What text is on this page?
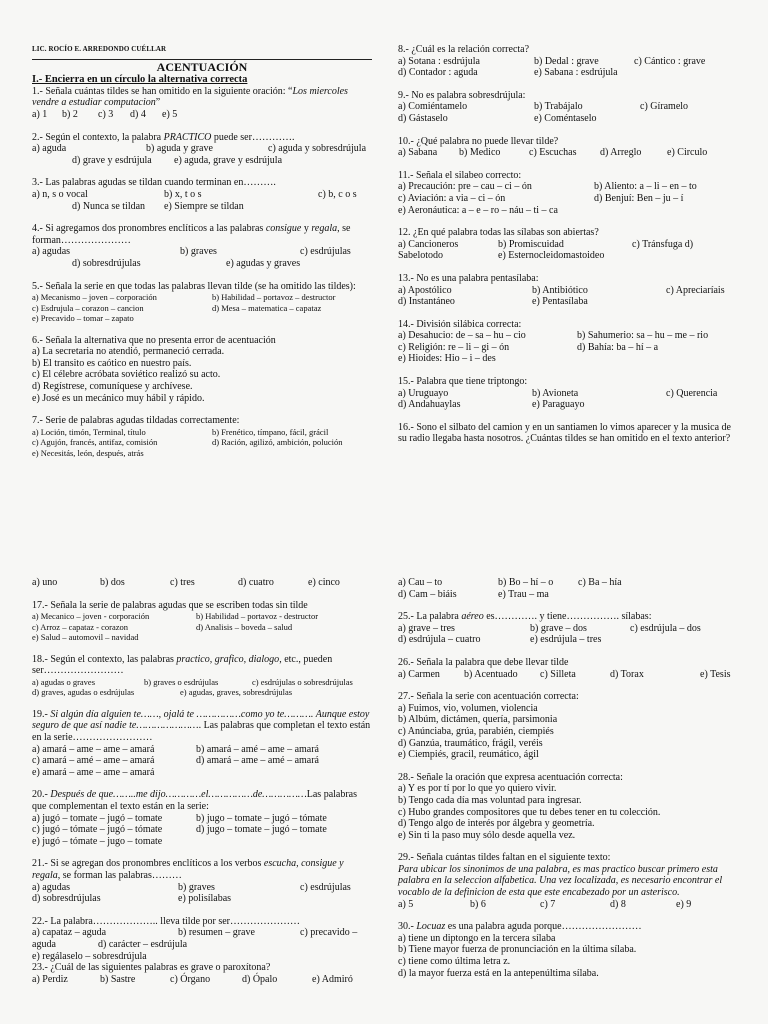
LIC. ROCÍO E. ARREDONDO CUÉLLAR
ACENTUACIÓN
I.- Encierra en un círculo la alternativa correcta

1.- Señala cuántas tildes se han omitido en la siguiente oración: “Los miercoles vendre a estudiar computacion”

a) 1	b) 2	c) 3	d) 4	e) 5

2.- Según el contexto, la palabra PRACTICO puede ser………….

a) aguda	b) aguda y grave	c) aguda y sobresdrújula
d) grave y esdrújula	e) aguda, grave y esdrújula

3.- Las palabras agudas se tildan cuando terminan en……….

a) n, s o vocal	b) x, t o s	c) b, c o s
d) Nunca se tildan	e) Siempre se tildan

4.- Si agregamos dos pronombres enclíticos a las palabras consigue y regala, se forman…………………

a) agudas	b) graves	c) esdrújulas
d) sobresdrújulas	e) agudas y graves

5.- Señala la serie en que todas las palabras llevan tilde (se ha omitido las tildes):

a) Mecanismo – joven – corporación	b) Habilidad – portavoz – destructor
c) Esdrujula – corazon – cancion	d) Mesa – matematica – capataz
e) Precavido – tomar – zapato

6.- Señala la alternativa que no presenta error de acentuación

a) La secretaria no atendió, permaneció cerrada.
b) El transito es caótico en nuestro país.
c) El célebre acróbata soviético realizó su acto.
d) Regístrese, comuníquese y archívese.
e) José es un mecánico muy hábil y rápido.

7.- Serie de palabras agudas tildadas correctamente:

a) Loción, timón, Terminal, título	b) Frenético, tímpano, fácil, grácil
c) Agujón, francés, antifaz, comisión	d) Ración, agilizó, ambición, polución
e) Necesitás, león, después, atrás

8.- ¿Cuál es la relación correcta?

a) Sotana : esdrújula	b) Dedal : grave	c) Cántico : grave
d) Contador : aguda	e) Sabana : esdrújula

9.- No es palabra sobresdrújula:

a) Comiéntamelo	b) Trabájalo	c) Gíramelo
d) Gástaselo	e) Coméntaselo

10.- ¿Qué palabra no puede llevar tilde?

a) Sabana	b) Medico	c) Escuchas	d) Arreglo	e) Circulo

11.- Señala el silabeo correcto:

a) Precaución: pre – cau – ci – ón	b) Aliento: a – li – en – to
c) Aviación: a via – ci – ón	d) Benjuí: Ben – ju – í
e) Aeronáutica: a – e – ro – náu – ti – ca

12. ¿En qué palabra todas las sílabas son abiertas?

a) Cancioneros	b) Promiscuidad	c) Tránsfuga d)
Sabelotodo	e) Esternocleidomastoideo

13.- No es una palabra pentasílaba:

a) Apostólico	b) Antibiótico	c) Apreciaríais
d) Instantáneo	e) Pentasílaba

14.- División silábica correcta:

a) Desahucio: de – sa – hu – cio	b) Sahumerio: sa – hu – me – rio
c) Religión: re – li – gi – ón	d) Bahía: ba – hí – a
e) Hioides: Hio – i – des

15.- Palabra que tiene triptongo:

a) Uruguayo	b) Avioneta	c) Querencia
d) Andahuaylas	e) Paraguayo

16.- Sono el silbato del camion y en un santiamen lo vimos aparecer y la musica de su radio llegaba hasta nosotros. ¿Cuántas tildes se han omitido en el texto anterior?

a) uno	b) dos	c) tres	d) cuatro	e) cinco

17.- Señala la serie de palabras agudas que se escriben todas sin tilde

a) Mecanico – joven - corporación	b) Habilidad – portavoz - destructor
c) Arroz – capataz - corazon	d) Analisis – boveda – salud
e) Salud – automovil – navidad

18.- Según el contexto, las palabras practico, grafico, dialogo, etc., pueden ser……………………

a) agudas o graves	b) graves o esdrújulas	c) esdrújulas o sobresdrújulas
d) graves, agudas o esdrújulas	e) agudas, graves, sobresdrújulas

19.- Si algún día alguien te……, ojalá te ……………como yo te………. Aunque estoy seguro de que así nadie te…………………. Las palabras que completan el texto están en la serie……………………

a) amará – ame – ame – amará	b) amará – amé – ame – amará
c) amará – amé – ame – amará	d) amará – ame – amé – amará
e) amará – ame – ame – amará

20.- Después de que……..me dijo…………el……………de……………Las palabras que complementan el texto están en la serie:

a) jugó – tomate – jugó – tomate	b) jugo – tomate – jugó – tómate
c) jugó – tómate – jugó – tómate	d) jugo – tomate – jugó – tomate
e) jugó – tómate – jugo – tomate

21.- Si se agregan dos pronombres enclíticos a los verbos escucha, consigue y regala, se forman las palabras………

a) agudas	b) graves	c) esdrújulas
d) sobresdrújulas	e) polisílabas

22.- La palabra……………….. lleva tilde por ser…………………

a) capataz – aguda	b) resumen – grave	c) precavido –
aguda	d) carácter – esdrújula
e) regálaselo – sobresdrújula

23.- ¿Cuál de las siguientes palabras es grave o paroxítona?

a) Perdiz	b) Sastre	c) Órgano	d) Ópalo	e) Admiró
a) Cau – to	b) Bo – hí – o	c) Ba – hía
d) Cam – biáis	e) Trau – ma

25.- La palabra aéreo es…………. y tiene……………. sílabas:

a) grave – tres	b) grave – dos	c) esdrújula – dos
d) esdrújula – cuatro	e) esdrújula – tres

26.- Señala la palabra que debe llevar tilde

a) Carmen	b) Acentuado	c) Silleta	d) Torax	e) Tesis

27.- Señala la serie con acentuación correcta:

a) Fuimos, vio, volumen, violencia
b) Albúm, dictámen, quería, parsimonia
c) Anúnciaba, grúa, parabién, ciempiés
d) Ganzúa, traumático, frágil, veréis
e) Ciempiés, gracil, reumático, ágil

28.- Señale la oración que expresa acentuación correcta:

a) Y es por tí por lo que yo quiero vivir.
b) Tengo cada día mas voluntad para ingresar.
c) Hubo grandes compositores que tu debes tener en tu colección.
d) Tengo algo de interés por álgebra y geometría.
e) Sin ti la paso muy sólo desde aquella vez.

29.- Señala cuántas tildes faltan en el siguiente texto:

Para ubicar los sinonimos de una palabra, es mas practico buscar primero esta palabra en la seleccion alfabetica. Una vez localizada, es necesario encontrar el vocablo de la definicion de esta que este encabezado por un asterisco.

a) 5	b) 6	c) 7	d) 8	e) 9

30.- Locuaz es una palabra aguda porque……………………

a) tiene un diptongo en la tercera sílaba
b) Tiene mayor fuerza de pronunciación en la última sílaba.
c) tiene como última letra z.
d) la mayor fuerza está en la antepenúltima sílaba.
